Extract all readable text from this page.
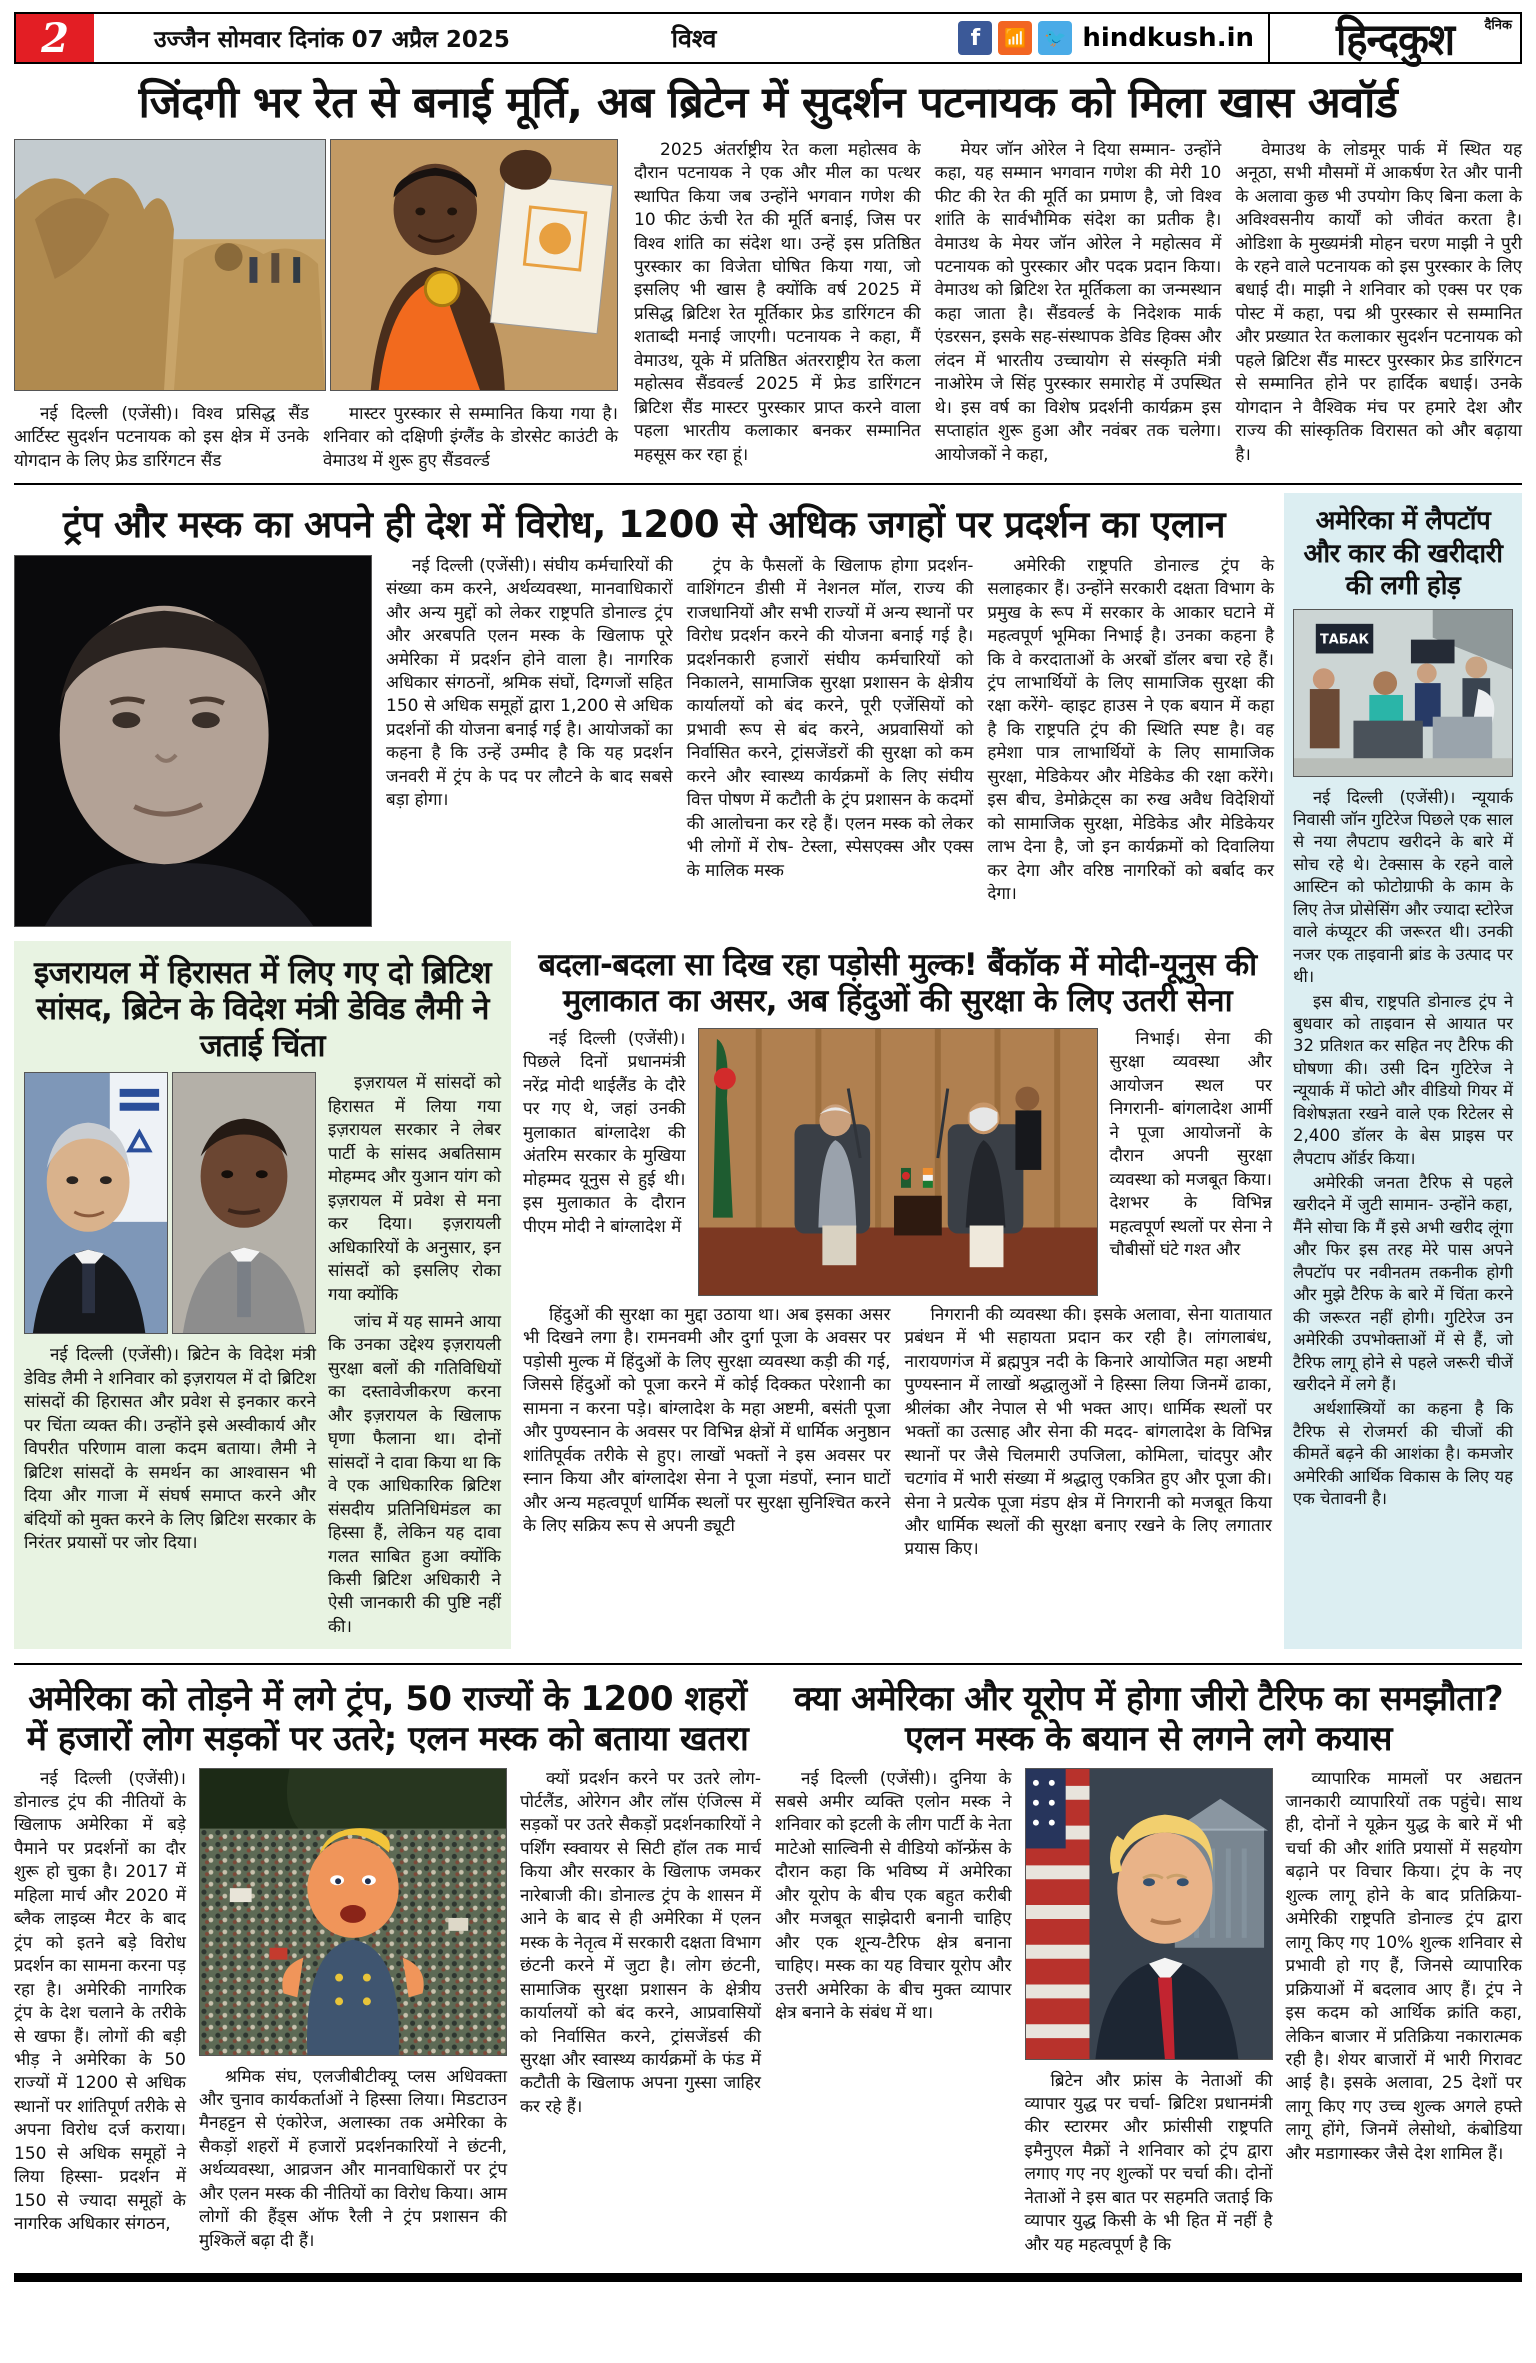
2	उज्जैन सोमवार दिनांक 07 अप्रैल 2025	विश्व	f	📶 🐦 hindkush.in	दैनिक
हिन्दकुश
जिंदगी भर रेत से बनाई मूर्ति, अब ब्रिटेन में सुदर्शन पटनायक को मिला खास अवॉर्ड

नई दिल्ली (एजेंसी)। विश्व प्रसिद्ध सैंड आर्टिस्ट सुदर्शन पटनायक को इस क्षेत्र में उनके योगदान के लिए फ्रेड डारिंगटन सैंड

मास्टर पुरस्कार से सम्मानित किया गया है। शनिवार को दक्षिणी इंग्लैंड के डोरसेट काउंटी के वेमाउथ में शुरू हुए सैंडवर्ल्ड

2025 अंतर्राष्ट्रीय रेत कला महोत्सव के दौरान पटनायक ने एक और मील का पत्थर स्थापित किया जब उन्होंने भगवान गणेश की 10 फीट ऊंची रेत की मूर्ति बनाई, जिस पर विश्व शांति का संदेश था। उन्हें इस प्रतिष्ठित पुरस्कार का विजेता घोषित किया गया, जो इसलिए भी खास है क्योंकि वर्ष 2025 में प्रसिद्ध ब्रिटिश रेत मूर्तिकार फ्रेड डारिंगटन की शताब्दी मनाई जाएगी। पटनायक ने कहा, मैं वेमाउथ, यूके में प्रतिष्ठित अंतरराष्ट्रीय रेत कला महोत्सव सैंडवर्ल्ड 2025 में फ्रेड डारिंगटन ब्रिटिश सैंड मास्टर पुरस्कार प्राप्त करने वाला पहला भारतीय कलाकार बनकर सम्मानित महसूस कर रहा हूं।

मेयर जॉन ओरेल ने दिया सम्मान- उन्होंने कहा, यह सम्मान भगवान गणेश की मेरी 10 फीट की रेत की मूर्ति का प्रमाण है, जो विश्व शांति के सार्वभौमिक संदेश का प्रतीक है। वेमाउथ के मेयर जॉन ओरेल ने महोत्सव में पटनायक को पुरस्कार और पदक प्रदान किया। वेमाउथ को ब्रिटिश रेत मूर्तिकला का जन्मस्थान कहा जाता है। सैंडवर्ल्ड के निदेशक मार्क एंडरसन, इसके सह-संस्थापक डेविड हिक्स और लंदन में भारतीय उच्चायोग से संस्कृति मंत्री नाओरेम जे सिंह पुरस्कार समारोह में उपस्थित थे। इस वर्ष का विशेष प्रदर्शनी कार्यक्रम इस सप्ताहांत शुरू हुआ और नवंबर तक चलेगा। आयोजकों ने कहा,

वेमाउथ के लोडमूर पार्क में स्थित यह अनूठा, सभी मौसमों में आकर्षण रेत और पानी के अलावा कुछ भी उपयोग किए बिना कला के अविश्वसनीय कार्यों को जीवंत करता है। ओडिशा के मुख्यमंत्री मोहन चरण माझी ने पुरी के रहने वाले पटनायक को इस पुरस्कार के लिए बधाई दी। माझी ने शनिवार को एक्स पर एक पोस्ट में कहा, पद्म श्री पुरस्कार से सम्मानित और प्रख्यात रेत कलाकार सुदर्शन पटनायक को पहले ब्रिटिश सैंड मास्टर पुरस्कार फ्रेड डारिंगटन से सम्मानित होने पर हार्दिक बधाई। उनके योगदान ने वैश्विक मंच पर हमारे देश और राज्य की सांस्कृतिक विरासत को और बढ़ाया है।

ट्रंप और मस्क का अपने ही देश में विरोध, 1200 से अधिक जगहों पर प्रदर्शन का एलान

नई दिल्ली (एजेंसी)। संघीय कर्मचारियों की संख्या कम करने, अर्थव्यवस्था, मानवाधिकारों और अन्य मुद्दों को लेकर राष्ट्रपति डोनाल्ड ट्रंप और अरबपति एलन मस्क के खिलाफ पूरे अमेरिका में प्रदर्शन होने वाला है। नागरिक अधिकार संगठनों, श्रमिक संघों, दिग्गजों सहित 150 से अधिक समूहों द्वारा 1,200 से अधिक प्रदर्शनों की योजना बनाई गई है। आयोजकों का कहना है कि उन्हें उम्मीद है कि यह प्रदर्शन जनवरी में ट्रंप के पद पर लौटने के बाद सबसे बड़ा होगा।

ट्रंप के फैसलों के खिलाफ होगा प्रदर्शन- वाशिंगटन डीसी में नेशनल मॉल, राज्य की राजधानियों और सभी राज्यों में अन्य स्थानों पर विरोध प्रदर्शन करने की योजना बनाई गई है। प्रदर्शनकारी हजारों संघीय कर्मचारियों को निकालने, सामाजिक सुरक्षा प्रशासन के क्षेत्रीय कार्यालयों को बंद करने, पूरी एजेंसियों को प्रभावी रूप से बंद करने, अप्रवासियों को निर्वासित करने, ट्रांसजेंडरों की सुरक्षा को कम करने और स्वास्थ्य कार्यक्रमों के लिए संघीय वित्त पोषण में कटौती के ट्रंप प्रशासन के कदमों की आलोचना कर रहे हैं। एलन मस्क को लेकर भी लोगों में रोष- टेस्ला, स्पेसएक्स और एक्स के मालिक मस्क

अमेरिकी राष्ट्रपति डोनाल्ड ट्रंप के सलाहकार हैं। उन्होंने सरकारी दक्षता विभाग के प्रमुख के रूप में सरकार के आकार घटाने में महत्वपूर्ण भूमिका निभाई है। उनका कहना है कि वे करदाताओं के अरबों डॉलर बचा रहे हैं। ट्रंप लाभार्थियों के लिए सामाजिक सुरक्षा की रक्षा करेंगे- व्हाइट हाउस ने एक बयान में कहा है कि राष्ट्रपति ट्रंप की स्थिति स्पष्ट है। वह हमेशा पात्र लाभार्थियों के लिए सामाजिक सुरक्षा, मेडिकेयर और मेडिकेड की रक्षा करेंगे। इस बीच, डेमोक्रेट्स का रुख अवैध विदेशियों को सामाजिक सुरक्षा, मेडिकेड और मेडिकेयर लाभ देना है, जो इन कार्यक्रमों को दिवालिया कर देगा और वरिष्ठ नागरिकों को बर्बाद कर देगा।

इजरायल में हिरासत में लिए गए दो ब्रिटिश सांसद, ब्रिटेन के विदेश मंत्री डेविड लैमी ने जताई चिंता

नई दिल्ली (एजेंसी)। ब्रिटेन के विदेश मंत्री डेविड लैमी ने शनिवार को इज़रायल में दो ब्रिटिश सांसदों की हिरासत और प्रवेश से इनकार करने पर चिंता व्यक्त की। उन्होंने इसे अस्वीकार्य और विपरीत परिणाम वाला कदम बताया। लैमी ने ब्रिटिश सांसदों के समर्थन का आश्वासन भी दिया और गाजा में संघर्ष समाप्त करने और बंदियों को मुक्त करने के लिए ब्रिटिश सरकार के निरंतर प्रयासों पर जोर दिया।

इज़रायल में सांसदों को हिरासत में लिया गया इज़रायल सरकार ने लेबर पार्टी के सांसद अबतिसाम मोहम्मद और युआन यांग को इज़रायल में प्रवेश से मना कर दिया। इज़रायली अधिकारियों के अनुसार, इन सांसदों को इसलिए रोका गया क्योंकि

जांच में यह सामने आया कि उनका उद्देश्य इज़रायली सुरक्षा बलों की गतिविधियों का दस्तावेजीकरण करना और इज़रायल के खिलाफ घृणा फैलाना था। दोनों सांसदों ने दावा किया था कि वे एक आधिकारिक ब्रिटिश संसदीय प्रतिनिधिमंडल का हिस्सा हैं, लेकिन यह दावा गलत साबित हुआ क्योंकि किसी ब्रिटिश अधिकारी ने ऐसी जानकारी की पुष्टि नहीं की।

बदला-बदला सा दिख रहा पड़ोसी मुल्क! बैंकॉक में मोदी-यूनुस की मुलाकात का असर, अब हिंदुओं की सुरक्षा के लिए उतरी सेना

नई दिल्ली (एजेंसी)। पिछले दिनों प्रधानमंत्री नरेंद्र मोदी थाईलैंड के दौरे पर गए थे, जहां उनकी मुलाकात बांग्लादेश की अंतरिम सरकार के मुखिया मोहम्मद यूनुस से हुई थी। इस मुलाकात के दौरान पीएम मोदी ने बांग्लादेश में

निभाई। सेना की सुरक्षा व्यवस्था और आयोजन स्थल पर निगरानी- बांगलादेश आर्मी ने पूजा आयोजनों के दौरान अपनी सुरक्षा व्यवस्था को मजबूत किया। देशभर के विभिन्न महत्वपूर्ण स्थलों पर सेना ने चौबीसों घंटे गश्त और

हिंदुओं की सुरक्षा का मुद्दा उठाया था। अब इसका असर भी दिखने लगा है। रामनवमी और दुर्गा पूजा के अवसर पर पड़ोसी मुल्क में हिंदुओं के लिए सुरक्षा व्यवस्था कड़ी की गई, जिससे हिंदुओं को पूजा करने में कोई दिक्कत परेशानी का सामना न करना पड़े। बांग्लादेश के महा अष्टमी, बसंती पूजा और पुण्यस्नान के अवसर पर विभिन्न क्षेत्रों में धार्मिक अनुष्ठान शांतिपूर्वक तरीके से हुए। लाखों भक्तों ने इस अवसर पर स्नान किया और बांग्लादेश सेना ने पूजा मंडपों, स्नान घाटों और अन्य महत्वपूर्ण धार्मिक स्थलों पर सुरक्षा सुनिश्चित करने के लिए सक्रिय रूप से अपनी ड्यूटी

निगरानी की व्यवस्था की। इसके अलावा, सेना यातायात प्रबंधन में भी सहायता प्रदान कर रही है। लांगलाबंध, नारायणगंज में ब्रह्मपुत्र नदी के किनारे आयोजित महा अष्टमी पुण्यस्नान में लाखों श्रद्धालुओं ने हिस्सा लिया जिनमें ढाका, श्रीलंका और नेपाल से भी भक्त आए। धार्मिक स्थलों पर भक्तों का उत्साह और सेना की मदद- बांगलादेश के विभिन्न स्थानों पर जैसे चिलमारी उपजिला, कोमिला, चांदपुर और चटगांव में भारी संख्या में श्रद्धालु एकत्रित हुए और पूजा की। सेना ने प्रत्येक पूजा मंडप क्षेत्र में निगरानी को मजबूत किया और धार्मिक स्थलों की सुरक्षा बनाए रखने के लिए लगातार प्रयास किए।

अमेरिका में लैपटॉप और कार की खरीदारी की लगी होड़
ТАБАК

नई दिल्ली (एजेंसी)। न्यूयार्क निवासी जॉन गुटिरेज पिछले एक साल से नया लैपटाप खरीदने के बारे में सोच रहे थे। टेक्सास के रहने वाले आस्टिन को फोटोग्राफी के काम के लिए तेज प्रोसेसिंग और ज्यादा स्टोरेज वाले कंप्यूटर की जरूरत थी। उनकी नजर एक ताइवानी ब्रांड के उत्पाद पर थी।

इस बीच, राष्ट्रपति डोनाल्ड ट्रंप ने बुधवार को ताइवान से आयात पर 32 प्रतिशत कर सहित नए टैरिफ की घोषणा की। उसी दिन गुटिरेज ने न्यूयार्क में फोटो और वीडियो गियर में विशेषज्ञता रखने वाले एक रिटेलर से 2,400 डॉलर के बेस प्राइस पर लैपटाप ऑर्डर किया।

अमेरिकी जनता टैरिफ से पहले खरीदने में जुटी सामान- उन्होंने कहा, मैंने सोचा कि मैं इसे अभी खरीद लूंगा और फिर इस तरह मेरे पास अपने लैपटॉप पर नवीनतम तकनीक होगी और मुझे टैरिफ के बारे में चिंता करने की जरूरत नहीं होगी। गुटिरेज उन अमेरिकी उपभोक्ताओं में से हैं, जो टैरिफ लागू होने से पहले जरूरी चीजें खरीदने में लगे हैं।

अर्थशास्त्रियों का कहना है कि टैरिफ से रोजमर्रा की चीजों की कीमतें बढ़ने की आशंका है। कमजोर अमेरिकी आर्थिक विकास के लिए यह एक चेतावनी है।

अमेरिका को तोड़ने में लगे ट्रंप, 50 राज्यों के 1200 शहरों में हजारों लोग सड़कों पर उतरे; एलन मस्क को बताया खतरा

नई दिल्ली (एजेंसी)। डोनाल्ड ट्रंप की नीतियों के खिलाफ अमेरिका में बड़े पैमाने पर प्रदर्शनों का दौर शुरू हो चुका है। 2017 में महिला मार्च और 2020 में ब्लैक लाइव्स मैटर के बाद ट्रंप को इतने बड़े विरोध प्रदर्शन का सामना करना पड़ रहा है। अमेरिकी नागरिक ट्रंप के देश चलाने के तरीके से खफा हैं। लोगों की बड़ी भीड़ ने अमेरिका के 50 राज्यों में 1200 से अधिक स्थानों पर शांतिपूर्ण तरीके से अपना विरोध दर्ज कराया। 150 से अधिक समूहों ने लिया हिस्सा- प्रदर्शन में 150 से ज्यादा समूहों के नागरिक अधिकार संगठन,

श्रमिक संघ, एलजीबीटीक्यू प्लस अधिवक्ता और चुनाव कार्यकर्ताओं ने हिस्सा लिया। मिडटाउन मैनहट्टन से एंकोरेज, अलास्का तक अमेरिका के सैकड़ों शहरों में हजारों प्रदर्शनकारियों ने छंटनी, अर्थव्यवस्था, आव्रजन और मानवाधिकारों पर ट्रंप और एलन मस्क की नीतियों का विरोध किया। आम लोगों की हैंड्स ऑफ रैली ने ट्रंप प्रशासन की मुश्किलें बढ़ा दी हैं।

क्यों प्रदर्शन करने पर उतरे लोग- पोर्टलैंड, ओरेगन और लॉस एंजिल्स में सड़कों पर उतरे सैकड़ों प्रदर्शनकारियों ने पर्शिंग स्क्वायर से सिटी हॉल तक मार्च किया और सरकार के खिलाफ जमकर नारेबाजी की। डोनाल्ड ट्रंप के शासन में आने के बाद से ही अमेरिका में एलन मस्क के नेतृत्व में सरकारी दक्षता विभाग छंटनी करने में जुटा है। लोग छंटनी, सामाजिक सुरक्षा प्रशासन के क्षेत्रीय कार्यालयों को बंद करने, आप्रवासियों को निर्वासित करने, ट्रांसजेंडर्स की सुरक्षा और स्वास्थ्य कार्यक्रमों के फंड में कटौती के खिलाफ अपना गुस्सा जाहिर कर रहे हैं।

क्या अमेरिका और यूरोप में होगा जीरो टैरिफ का समझौता? एलन मस्क के बयान से लगने लगे कयास

नई दिल्ली (एजेंसी)। दुनिया के सबसे अमीर व्यक्ति एलोन मस्क ने शनिवार को इटली के लीग पार्टी के नेता माटेओ साल्विनी से वीडियो कॉन्फ्रेंस के दौरान कहा कि भविष्य में अमेरिका और यूरोप के बीच एक बहुत करीबी और मजबूत साझेदारी बनानी चाहिए और एक शून्य-टैरिफ क्षेत्र बनाना चाहिए। मस्क का यह विचार यूरोप और उत्तरी अमेरिका के बीच मुक्त व्यापार क्षेत्र बनाने के संबंध में था।

ब्रिटेन और फ्रांस के नेताओं की व्यापार युद्ध पर चर्चा- ब्रिटिश प्रधानमंत्री कीर स्टारमर और फ्रांसीसी राष्ट्रपति इमैनुएल मैक्रों ने शनिवार को ट्रंप द्वारा लगाए गए नए शुल्कों पर चर्चा की। दोनों नेताओं ने इस बात पर सहमति जताई कि व्यापार युद्ध किसी के भी हित में नहीं है और यह महत्वपूर्ण है कि

व्यापारिक मामलों पर अद्यतन जानकारी व्यापारियों तक पहुंचे। साथ ही, दोनों ने यूक्रेन युद्ध के बारे में भी चर्चा की और शांति प्रयासों में सहयोग बढ़ाने पर विचार किया। ट्रंप के नए शुल्क लागू होने के बाद प्रतिक्रिया- अमेरिकी राष्ट्रपति डोनाल्ड ट्रंप द्वारा लागू किए गए 10% शुल्क शनिवार से प्रभावी हो गए हैं, जिनसे व्यापारिक प्रक्रियाओं में बदलाव आए हैं। ट्रंप ने इस कदम को आर्थिक क्रांति कहा, लेकिन बाजार में प्रतिक्रिया नकारात्मक रही है। शेयर बाजारों में भारी गिरावट आई है। इसके अलावा, 25 देशों पर लागू किए गए उच्च शुल्क अगले हफ्ते लागू होंगे, जिनमें लेसोथो, कंबोडिया और मडागास्कर जैसे देश शामिल हैं।
